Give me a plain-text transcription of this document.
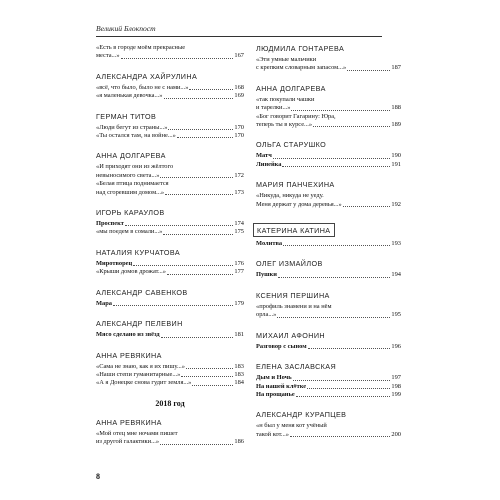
Великий Блокпост
«Есть в городе моём прекрасные
места...»	167
АЛЕКСАНДРА ХАЙРУЛИНА
«всё, что было, было не с нами...»	168
«я маленькая девочка...»	169
ГЕРМАН ТИТОВ
«Люди бегут из страны...»	170
«Ты остался там, на войне...»	170
АННА ДОЛГАРЕВА
«И приходят они из жёлтого
невыносимого света...»	172
«Белая птица поднимается
над сгоревшим домом...»	173
ИГОРЬ КАРАУЛОВ
Проспект	174
«мы поедем в сомали...»	175
НАТАЛИЯ КУРЧАТОВА
Миротворец	176
«Крыши домов дрожат...»	177
АЛЕКСАНДР САВЕНКОВ
Мара	179
АЛЕКСАНДР ПЕЛЕВИН
Мясо сделано из звёзд	181
АННА РЕВЯКИНА
«Сама не знаю, как я их пишу...»	183
«Наши степи гуманитарные...»	183
«А я Донецке снова гудит земля...»	184
2018 год
АННА РЕВЯКИНА
«Мой отец мне ночами пишет
из другой галактики...»	186
ЛЮДМИЛА ГОНТАРЕВА
«Эти умные мальчики
с крепким словарным запасом...»	187
АННА ДОЛГАРЕВА
«так покупали чашки
и тарелки...»	188
«Бог говорит Гагарину: Юра,
теперь ты в курсе...»	189
ОЛЬГА СТАРУШКО
Матч	190
Линейка	191
МАРИЯ ПАНЧЕХИНА
«Никуда, никуда не уеду.
Меня держат у дома деревья...»	192
КАТЕРИНА КАТИНА
Молитва	193
ОЛЕГ ИЗМАЙЛОВ
Пушки	194
КСЕНИЯ ПЕРШИНА
«профиль знамени и на нём
орла...»	195
МИХАИЛ АФОНИН
Разговор с сыном	196
ЕЛЕНА ЗАСЛАВСКАЯ
Дым и Ночь	197
На нашей кл#тке	198
На прощанье	199
АЛЕКСАНДР КУРАПЦЕВ
«н был у меня кот учёный
такой кот...»	200
8
